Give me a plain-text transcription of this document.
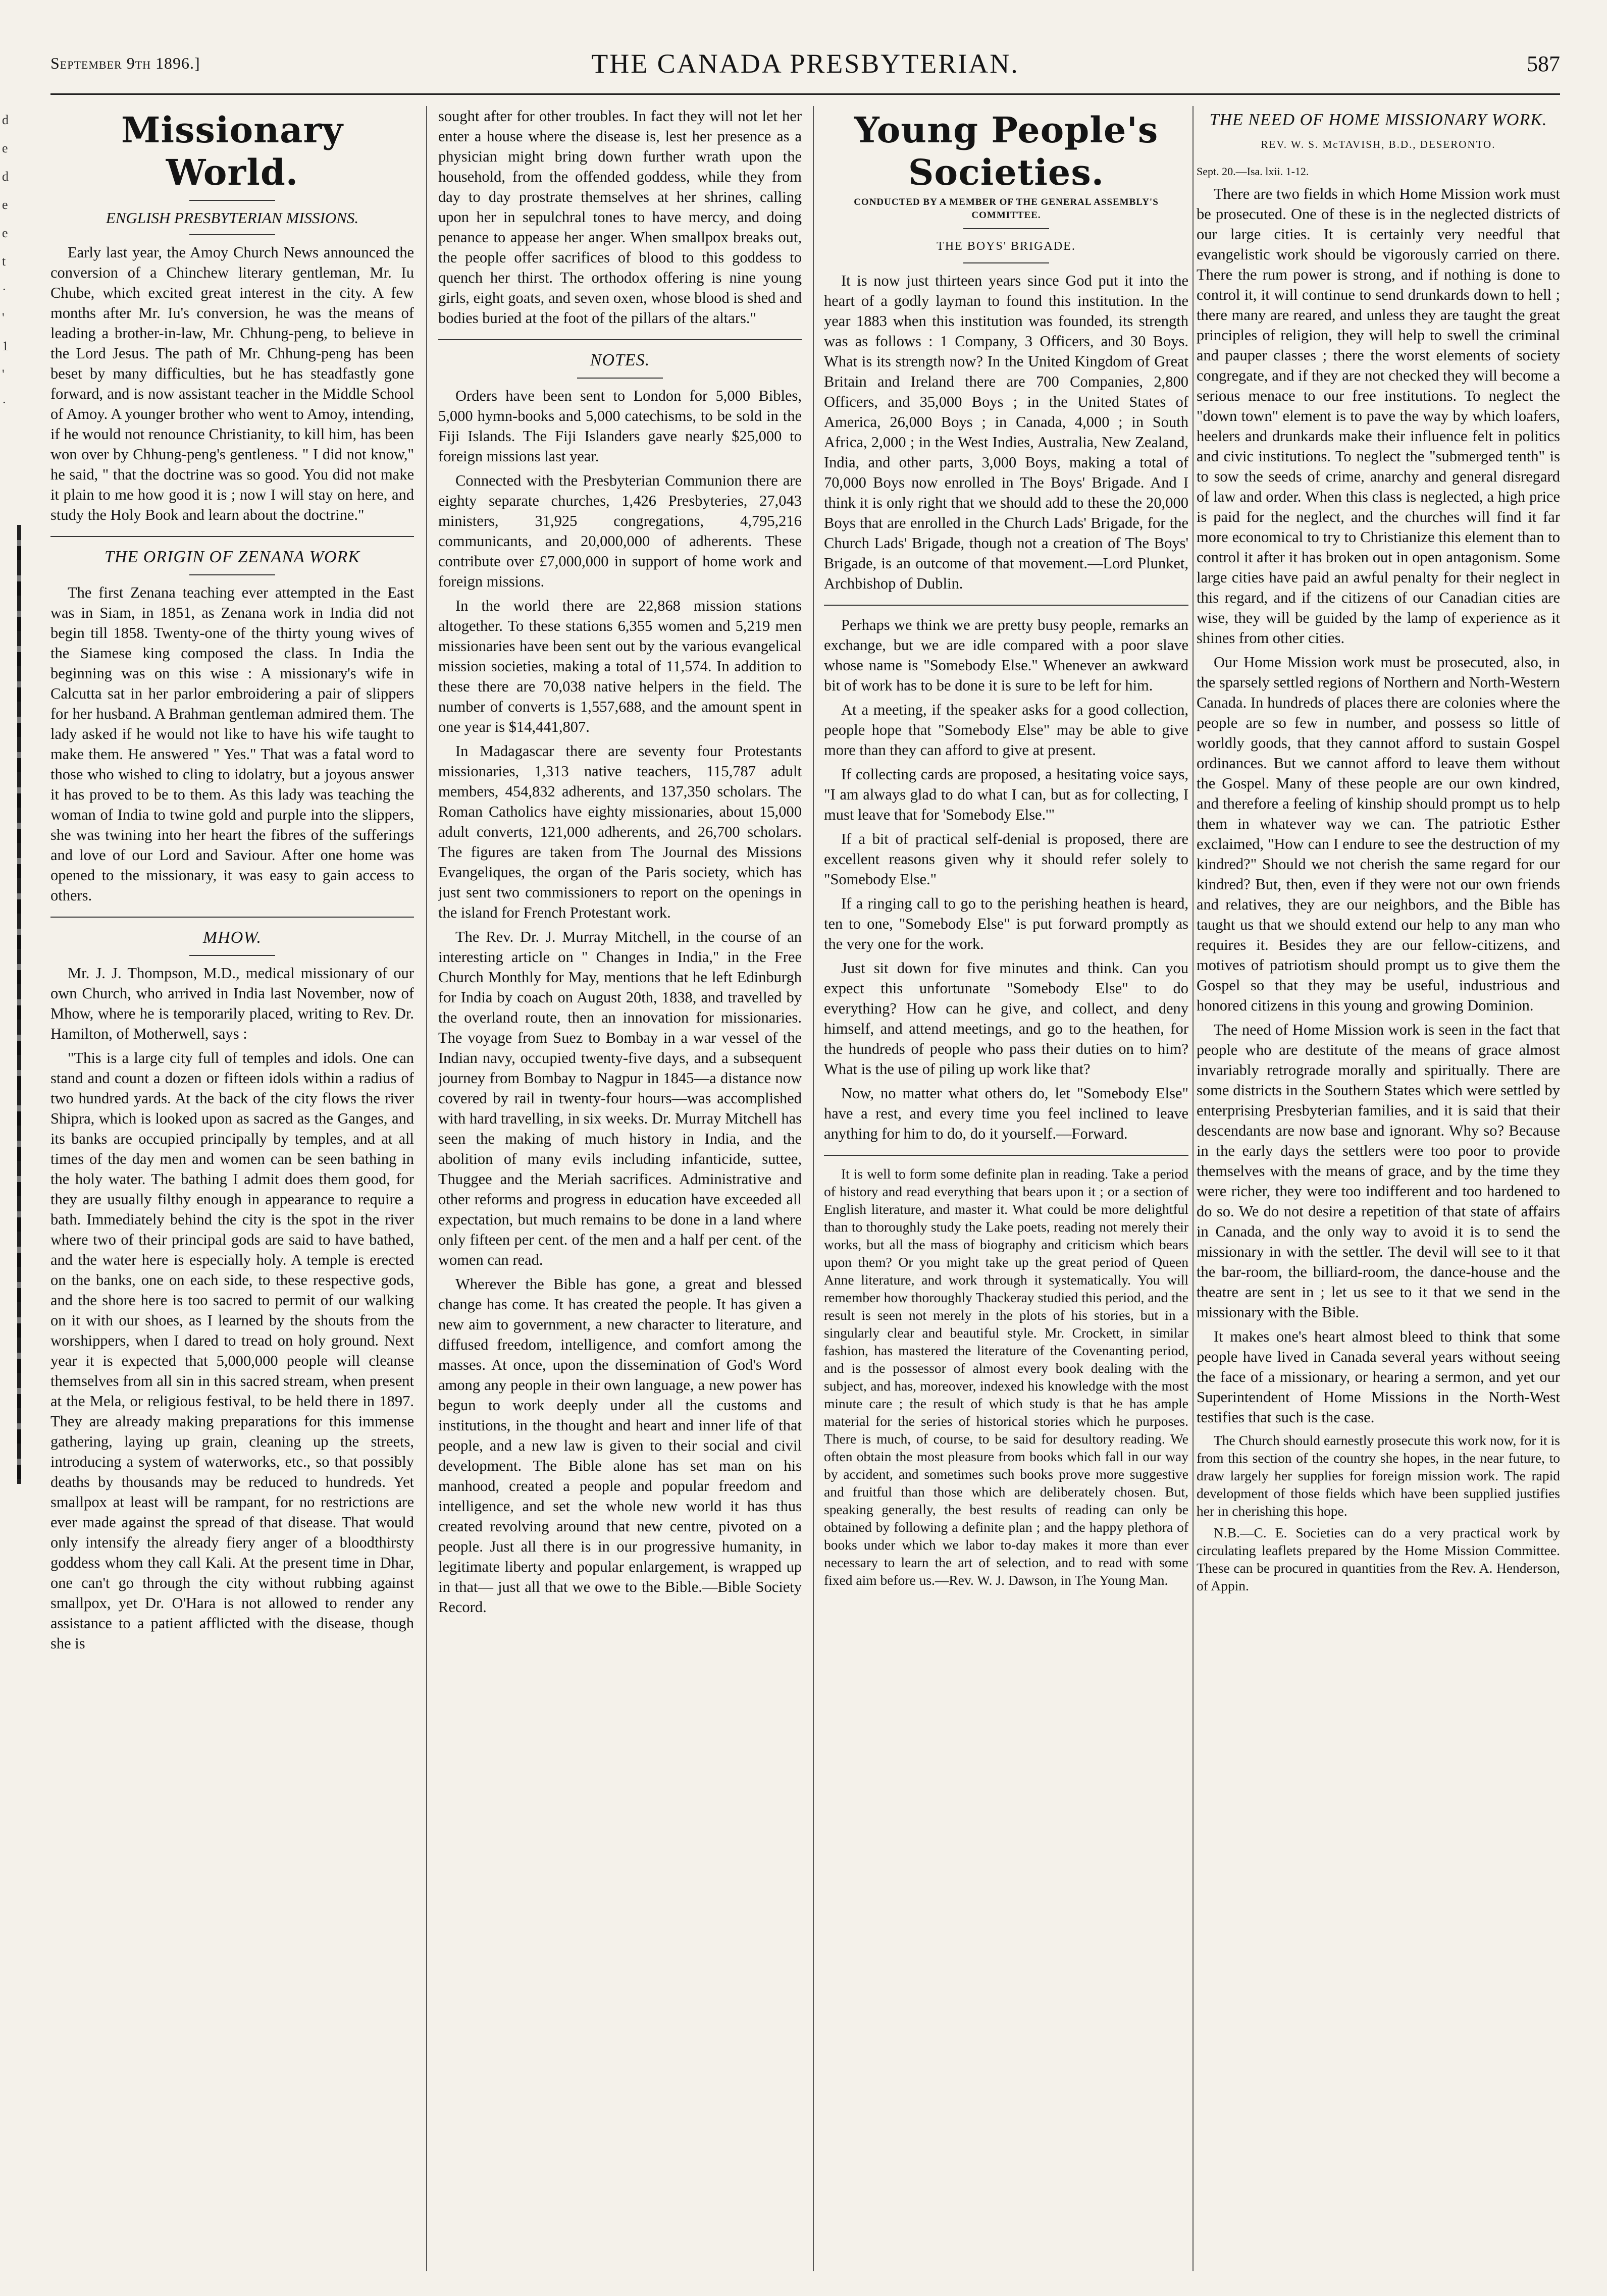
d
e
d
e
e
t
·
'
1
'
·
September 9th 1896.]	THE CANADA PRESBYTERIAN.	587
Missionary World.
ENGLISH PRESBYTERIAN MISSIONS.

Early last year, the Amoy Church News announced the conversion of a Chinchew literary gentleman, Mr. Iu Chube, which excited great interest in the city. A few months after Mr. Iu's conversion, he was the means of leading a brother-in-law, Mr. Chhung-peng, to believe in the Lord Jesus. The path of Mr. Chhung-peng has been beset by many difficulties, but he has steadfastly gone forward, and is now assistant teacher in the Middle School of Amoy. A younger brother who went to Amoy, intending, if he would not renounce Christianity, to kill him, has been won over by Chhung-peng's gentleness. " I did not know," he said, " that the doctrine was so good. You did not make it plain to me how good it is ; now I will stay on here, and study the Holy Book and learn about the doctrine."

THE ORIGIN OF ZENANA WORK

The first Zenana teaching ever attempted in the East was in Siam, in 1851, as Zenana work in India did not begin till 1858. Twenty-one of the thirty young wives of the Siamese king composed the class. In India the beginning was on this wise : A missionary's wife in Calcutta sat in her parlor embroidering a pair of slippers for her husband. A Brahman gentleman admired them. The lady asked if he would not like to have his wife taught to make them. He answered " Yes." That was a fatal word to those who wished to cling to idolatry, but a joyous answer it has proved to be to them. As this lady was teaching the woman of India to twine gold and purple into the slippers, she was twining into her heart the fibres of the sufferings and love of our Lord and Saviour. After one home was opened to the missionary, it was easy to gain access to others.

MHOW.

Mr. J. J. Thompson, M.D., medical missionary of our own Church, who arrived in India last November, now of Mhow, where he is temporarily placed, writing to Rev. Dr. Hamilton, of Motherwell, says :

"This is a large city full of temples and idols. One can stand and count a dozen or fifteen idols within a radius of two hundred yards. At the back of the city flows the river Shipra, which is looked upon as sacred as the Ganges, and its banks are occupied principally by temples, and at all times of the day men and women can be seen bathing in the holy water. The bathing I admit does them good, for they are usually filthy enough in appearance to require a bath. Immediately behind the city is the spot in the river where two of their principal gods are said to have bathed, and the water here is especially holy. A temple is erected on the banks, one on each side, to these respective gods, and the shore here is too sacred to permit of our walking on it with our shoes, as I learned by the shouts from the worshippers, when I dared to tread on holy ground. Next year it is expected that 5,000,000 people will cleanse themselves from all sin in this sacred stream, when present at the Mela, or religious festival, to be held there in 1897. They are already making preparations for this immense gathering, laying up grain, cleaning up the streets, introducing a system of waterworks, etc., so that possibly deaths by thousands may be reduced to hundreds. Yet smallpox at least will be rampant, for no restrictions are ever made against the spread of that disease. That would only intensify the already fiery anger of a bloodthirsty goddess whom they call Kali. At the present time in Dhar, one can't go through the city without rubbing against smallpox, yet Dr. O'Hara is not allowed to render any assistance to a patient afflicted with the disease, though she is

sought after for other troubles. In fact they will not let her enter a house where the disease is, lest her presence as a physician might bring down further wrath upon the household, from the offended goddess, while they from day to day prostrate themselves at her shrines, calling upon her in sepulchral tones to have mercy, and doing penance to appease her anger. When smallpox breaks out, the people offer sacrifices of blood to this goddess to quench her thirst. The orthodox offering is nine young girls, eight goats, and seven oxen, whose blood is shed and bodies buried at the foot of the pillars of the altars."

NOTES.

Orders have been sent to London for 5,000 Bibles, 5,000 hymn-books and 5,000 catechisms, to be sold in the Fiji Islands. The Fiji Islanders gave nearly $25,000 to foreign missions last year.

Connected with the Presbyterian Communion there are eighty separate churches, 1,426 Presbyteries, 27,043 ministers, 31,925 congregations, 4,795,216 communicants, and 20,000,000 of adherents. These contribute over £7,000,000 in support of home work and foreign missions.

In the world there are 22,868 mission stations altogether. To these stations 6,355 women and 5,219 men missionaries have been sent out by the various evangelical mission societies, making a total of 11,574. In addition to these there are 70,038 native helpers in the field. The number of converts is 1,557,688, and the amount spent in one year is $14,441,807.

In Madagascar there are seventy four Protestants missionaries, 1,313 native teachers, 115,787 adult members, 454,832 adherents, and 137,350 scholars. The Roman Catholics have eighty missionaries, about 15,000 adult converts, 121,000 adherents, and 26,700 scholars. The figures are taken from The Journal des Missions Evangeliques, the organ of the Paris society, which has just sent two commissioners to report on the openings in the island for French Protestant work.

The Rev. Dr. J. Murray Mitchell, in the course of an interesting article on " Changes in India," in the Free Church Monthly for May, mentions that he left Edinburgh for India by coach on August 20th, 1838, and travelled by the overland route, then an innovation for missionaries. The voyage from Suez to Bombay in a war vessel of the Indian navy, occupied twenty-five days, and a subsequent journey from Bombay to Nagpur in 1845—a distance now covered by rail in twenty-four hours—was accomplished with hard travelling, in six weeks. Dr. Murray Mitchell has seen the making of much history in India, and the abolition of many evils including infanticide, suttee, Thuggee and the Meriah sacrifices. Administrative and other reforms and progress in education have exceeded all expectation, but much remains to be done in a land where only fifteen per cent. of the men and a half per cent. of the women can read.

Wherever the Bible has gone, a great and blessed change has come. It has created the people. It has given a new aim to government, a new character to literature, and diffused freedom, intelligence, and comfort among the masses. At once, upon the dissemination of God's Word among any people in their own language, a new power has begun to work deeply under all the customs and institutions, in the thought and heart and inner life of that people, and a new law is given to their social and civil development. The Bible alone has set man on his manhood, created a people and popular freedom and intelligence, and set the whole new world it has thus created revolving around that new centre, pivoted on a people. Just all there is in our progressive humanity, in legitimate liberty and popular enlargement, is wrapped up in that— just all that we owe to the Bible.—Bible Society Record.

Young People's Societies.
CONDUCTED BY A MEMBER OF THE GENERAL ASSEMBLY'S COMMITTEE.
THE BOYS' BRIGADE.

It is now just thirteen years since God put it into the heart of a godly layman to found this institution. In the year 1883 when this institution was founded, its strength was as follows : 1 Company, 3 Officers, and 30 Boys. What is its strength now? In the United Kingdom of Great Britain and Ireland there are 700 Companies, 2,800 Officers, and 35,000 Boys ; in the United States of America, 26,000 Boys ; in Canada, 4,000 ; in South Africa, 2,000 ; in the West Indies, Australia, New Zealand, India, and other parts, 3,000 Boys, making a total of 70,000 Boys now enrolled in The Boys' Brigade. And I think it is only right that we should add to these the 20,000 Boys that are enrolled in the Church Lads' Brigade, for the Church Lads' Brigade, though not a creation of The Boys' Brigade, is an outcome of that movement.—Lord Plunket, Archbishop of Dublin.

Perhaps we think we are pretty busy people, remarks an exchange, but we are idle compared with a poor slave whose name is "Somebody Else." Whenever an awkward bit of work has to be done it is sure to be left for him.

At a meeting, if the speaker asks for a good collection, people hope that "Somebody Else" may be able to give more than they can afford to give at present.

If collecting cards are proposed, a hesitating voice says, "I am always glad to do what I can, but as for collecting, I must leave that for 'Somebody Else.'"

If a bit of practical self-denial is proposed, there are excellent reasons given why it should refer solely to "Somebody Else."

If a ringing call to go to the perishing heathen is heard, ten to one, "Somebody Else" is put forward promptly as the very one for the work.

Just sit down for five minutes and think. Can you expect this unfortunate "Somebody Else" to do everything? How can he give, and collect, and deny himself, and attend meetings, and go to the heathen, for the hundreds of people who pass their duties on to him? What is the use of piling up work like that?

Now, no matter what others do, let "Somebody Else" have a rest, and every time you feel inclined to leave anything for him to do, do it yourself.—Forward.

It is well to form some definite plan in reading. Take a period of history and read everything that bears upon it ; or a section of English literature, and master it. What could be more delightful than to thoroughly study the Lake poets, reading not merely their works, but all the mass of biography and criticism which bears upon them? Or you might take up the great period of Queen Anne literature, and work through it systematically. You will remember how thoroughly Thackeray studied this period, and the result is seen not merely in the plots of his stories, but in a singularly clear and beautiful style. Mr. Crockett, in similar fashion, has mastered the literature of the Covenanting period, and is the possessor of almost every book dealing with the subject, and has, moreover, indexed his knowledge with the most minute care ; the result of which study is that he has ample material for the series of historical stories which he purposes. There is much, of course, to be said for desultory reading. We often obtain the most pleasure from books which fall in our way by accident, and sometimes such books prove more suggestive and fruitful than those which are deliberately chosen. But, speaking generally, the best results of reading can only be obtained by following a definite plan ; and the happy plethora of books under which we labor to-day makes it more than ever necessary to learn the art of selection, and to read with some fixed aim before us.—Rev. W. J. Dawson, in The Young Man.

THE NEED OF HOME MISSIONARY WORK.
REV. W. S. McTAVISH, B.D., DESERONTO.
Sept. 20.—Isa. lxii. 1-12.

There are two fields in which Home Mission work must be prosecuted. One of these is in the neglected districts of our large cities. It is certainly very needful that evangelistic work should be vigorously carried on there. There the rum power is strong, and if nothing is done to control it, it will continue to send drunkards down to hell ; there many are reared, and unless they are taught the great principles of religion, they will help to swell the criminal and pauper classes ; there the worst elements of society congregate, and if they are not checked they will become a serious menace to our free institutions. To neglect the "down town" element is to pave the way by which loafers, heelers and drunkards make their influence felt in politics and civic institutions. To neglect the "submerged tenth" is to sow the seeds of crime, anarchy and general disregard of law and order. When this class is neglected, a high price is paid for the neglect, and the churches will find it far more economical to try to Christianize this element than to control it after it has broken out in open antagonism. Some large cities have paid an awful penalty for their neglect in this regard, and if the citizens of our Canadian cities are wise, they will be guided by the lamp of experience as it shines from other cities.

Our Home Mission work must be prosecuted, also, in the sparsely settled regions of Northern and North-Western Canada. In hundreds of places there are colonies where the people are so few in number, and possess so little of worldly goods, that they cannot afford to sustain Gospel ordinances. But we cannot afford to leave them without the Gospel. Many of these people are our own kindred, and therefore a feeling of kinship should prompt us to help them in whatever way we can. The patriotic Esther exclaimed, "How can I endure to see the destruction of my kindred?" Should we not cherish the same regard for our kindred? But, then, even if they were not our own friends and relatives, they are our neighbors, and the Bible has taught us that we should extend our help to any man who requires it. Besides they are our fellow-citizens, and motives of patriotism should prompt us to give them the Gospel so that they may be useful, industrious and honored citizens in this young and growing Dominion.

The need of Home Mission work is seen in the fact that people who are destitute of the means of grace almost invariably retrograde morally and spiritually. There are some districts in the Southern States which were settled by enterprising Presbyterian families, and it is said that their descendants are now base and ignorant. Why so? Because in the early days the settlers were too poor to provide themselves with the means of grace, and by the time they were richer, they were too indifferent and too hardened to do so. We do not desire a repetition of that state of affairs in Canada, and the only way to avoid it is to send the missionary in with the settler. The devil will see to it that the bar-room, the billiard-room, the dance-house and the theatre are sent in ; let us see to it that we send in the missionary with the Bible.

It makes one's heart almost bleed to think that some people have lived in Canada several years without seeing the face of a missionary, or hearing a sermon, and yet our Superintendent of Home Missions in the North-West testifies that such is the case.

The Church should earnestly prosecute this work now, for it is from this section of the country she hopes, in the near future, to draw largely her supplies for foreign mission work. The rapid development of those fields which have been supplied justifies her in cherishing this hope.

N.B.—C. E. Societies can do a very practical work by circulating leaflets prepared by the Home Mission Committee. These can be procured in quantities from the Rev. A. Henderson, of Appin.
